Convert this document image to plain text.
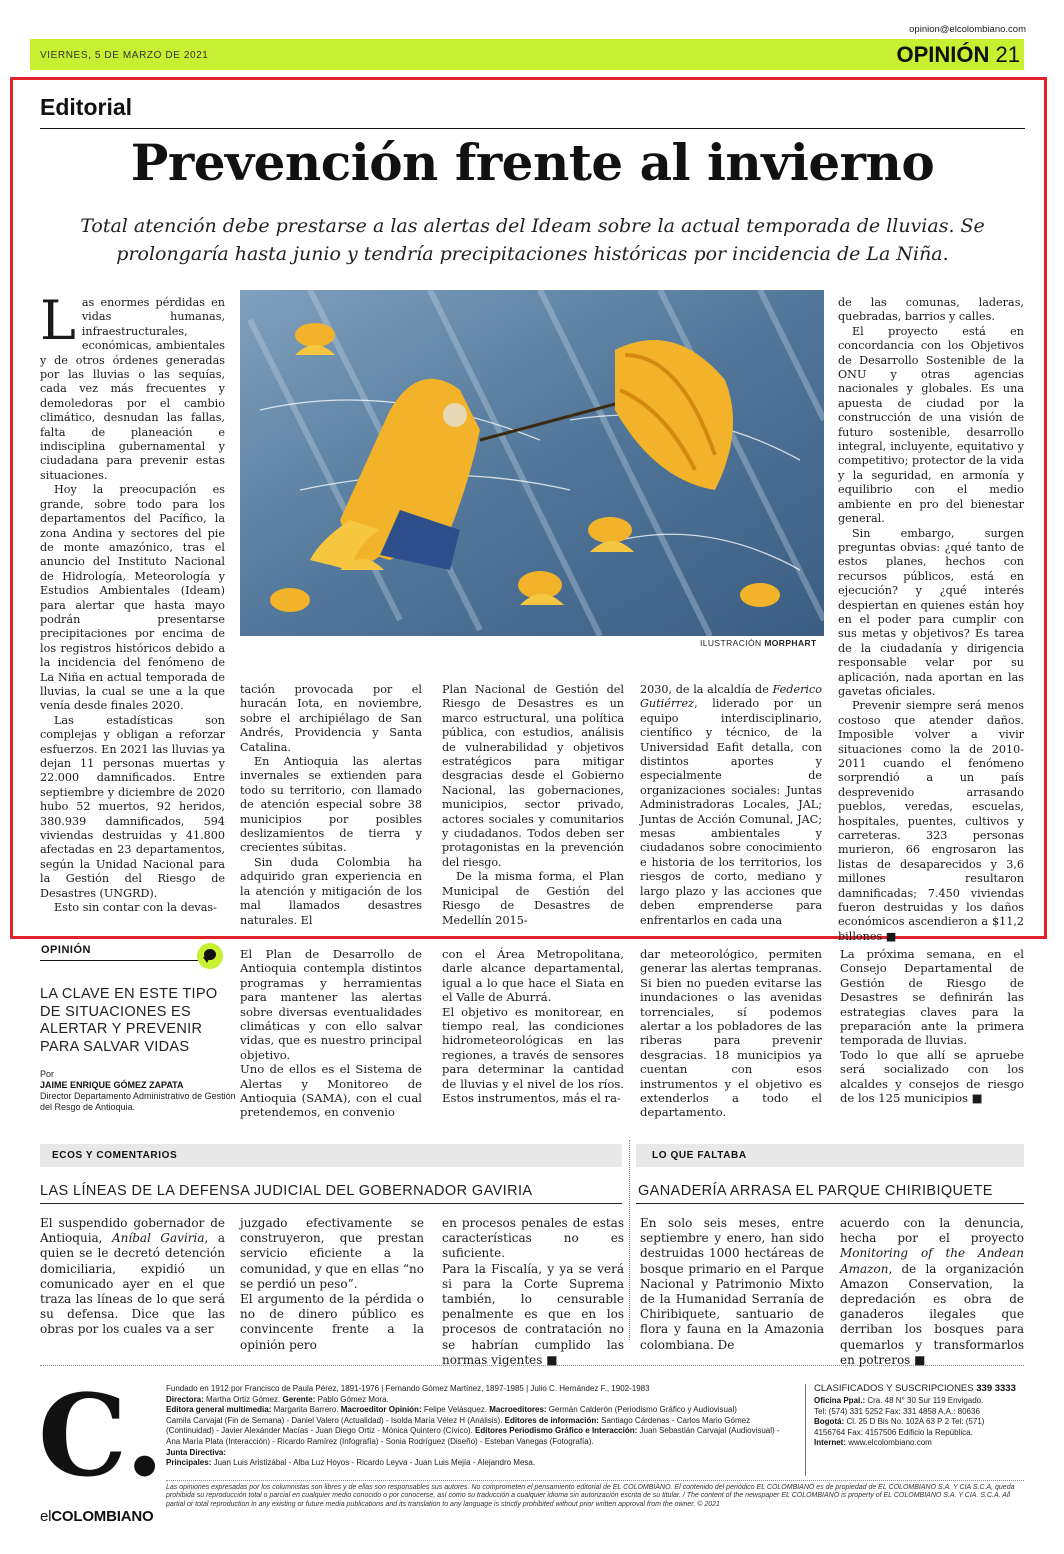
opinion@elcolombiano.com
VIERNES, 5 DE MARZO DE 2021	OPINIÓN 21
Editorial
Prevención frente al invierno
Total atención debe prestarse a las alertas del Ideam sobre la actual temporada de lluvias. Se prolongaría hasta junio y tendría precipitaciones históricas por incidencia de La Niña.
ILUSTRACIÓN MORPHART

Las enormes pérdidas en vidas humanas, infraestructurales, económicas, ambientales y de otros órdenes generadas por las lluvias o las sequías, cada vez más frecuentes y demoledoras por el cambio climático, desnudan las fallas, falta de planeación e indisciplina gubernamental y ciudadana para prevenir estas situaciones.

Hoy la preocupación es grande, sobre todo para los departamentos del Pacífico, la zona Andina y sectores del pie de monte amazónico, tras el anuncio del Instituto Nacional de Hidrología, Meteorología y Estudios Ambientales (Ideam) para alertar que hasta mayo podrán presentarse precipitaciones por encima de los registros históricos debido a la incidencia del fenómeno de La Niña en actual temporada de lluvias, la cual se une a la que venía desde finales 2020.

Las estadísticas son complejas y obligan a reforzar esfuerzos. En 2021 las lluvias ya dejan 11 personas muertas y 22.000 damnificados. Entre septiembre y diciembre de 2020 hubo 52 muertos, 92 heridos, 380.939 damnificados, 594 viviendas destruidas y 41.800 afectadas en 23 departamentos, según la Unidad Nacional para la Gestión del Riesgo de Desastres (UNGRD).

Esto sin contar con la devas-

tación provocada por el huracán Iota, en noviembre, sobre el archipiélago de San Andrés, Providencia y Santa Catalina.

En Antioquia las alertas invernales se extienden para todo su territorio, con llamado de atención especial sobre 38 municipios por posibles deslizamientos de tierra y crecientes súbitas.

Sin duda Colombia ha adquirido gran experiencia en la atención y mitigación de los mal llamados desastres naturales. El

Plan Nacional de Gestión del Riesgo de Desastres es un marco estructural, una política pública, con estudios, análisis de vulnerabilidad y objetivos estratégicos para mitigar desgracias desde el Gobierno Nacional, las gobernaciones, municipios, sector privado, actores sociales y comunitarios y ciudadanos. Todos deben ser protagonistas en la prevención del riesgo.

De la misma forma, el Plan Municipal de Gestión del Riesgo de Desastres de Medellín 2015-

2030, de la alcaldía de Federico Gutiérrez, liderado por un equipo interdisciplinario, científico y técnico, de la Universidad Eafit detalla, con distintos aportes y especialmente de organizaciones sociales: Juntas Administradoras Locales, JAL; Juntas de Acción Comunal, JAC; mesas ambientales y ciudadanos sobre conocimiento e historia de los territorios, los riesgos de corto, mediano y largo plazo y las acciones que deben emprenderse para enfrentarlos en cada una

de las comunas, laderas, quebradas, barrios y calles.

El proyecto está en concordancia con los Objetivos de Desarrollo Sostenible de la ONU y otras agencias nacionales y globales. Es una apuesta de ciudad por la construcción de una visión de futuro sostenible, desarrollo integral, incluyente, equitativo y competitivo; protector de la vida y la seguridad, en armonía y equilibrio con el medio ambiente en pro del bienestar general.

Sin embargo, surgen preguntas obvias: ¿qué tanto de estos planes, hechos con recursos públicos, está en ejecución? y ¿qué interés despiertan en quienes están hoy en el poder para cumplir con sus metas y objetivos? Es tarea de la ciudadanía y dirigencia responsable velar por su aplicación, nada aportan en las gavetas oficiales.

Prevenir siempre será menos costoso que atender daños. Imposible volver a vivir situaciones como la de 2010-2011 cuando el fenómeno sorprendió a un país desprevenido arrasando pueblos, veredas, escuelas, hospitales, puentes, cultivos y carreteras. 323 personas murieron, 66 engrosaron las listas de desaparecidos y 3,6 millones resultaron damnificadas; 7.450 viviendas fueron destruidas y los daños económicos ascendieron a $11,2 billones ■

OPINIÓN
LA CLAVE EN ESTE TIPO DE SITUACIONES ES ALERTAR Y PREVENIR PARA SALVAR VIDAS
Por
JAIME ENRIQUE GÓMEZ ZAPATA
Director Departamento Administrativo de Gestión del Resgo de Antioquia.

El Plan de Desarrollo de Antioquia contempla distintos programas y herramientas para mantener las alertas sobre diversas eventualidades climáticas y con ello salvar vidas, que es nuestro principal objetivo.

Uno de ellos es el Sistema de Alertas y Monitoreo de Antioquia (SAMA), con el cual pretendemos, en convenio

con el Área Metropolitana, darle alcance departamental, igual a lo que hace el Siata en el Valle de Aburrá.

El objetivo es monitorear, en tiempo real, las condiciones hidrometeorológicas en las regiones, a través de sensores para determinar la cantidad de lluvias y el nivel de los ríos. Estos instrumentos, más el ra-

dar meteorológico, permiten generar las alertas tempranas. Si bien no pueden evitarse las inundaciones o las avenidas torrenciales, sí podemos alertar a los pobladores de las riberas para prevenir desgracias. 18 municipios ya cuentan con esos instrumentos y el objetivo es extenderlos a todo el departamento.

La próxima semana, en el Consejo Departamental de Gestión de Riesgo de Desastres se definirán las estrategias claves para la preparación ante la primera temporada de lluvias.

Todo lo que allí se apruebe será socializado con los alcaldes y consejos de riesgo de los 125 municipios ■

ECOS Y COMENTARIOS
LAS LÍNEAS DE LA DEFENSA JUDICIAL DEL GOBERNADOR GAVIRIA

El suspendido gobernador de Antioquia, Aníbal Gaviria, a quien se le decretó detención domiciliaria, expidió un comunicado ayer en el que traza las líneas de lo que será su defensa. Dice que las obras por los cuales va a ser

juzgado efectivamente se construyeron, que prestan servicio eficiente a la comunidad, y que en ellas “no se perdió un peso”.

El argumento de la pérdida o no de dinero público es convincente frente a la opinión pero

en procesos penales de estas características no es suficiente.

Para la Fiscalía, y ya se verá si para la Corte Suprema también, lo censurable penalmente es que en los procesos de contratación no se habrían cumplido las normas vigentes ■

LO QUE FALTABA
GANADERÍA ARRASA EL PARQUE CHIRIBIQUETE

En solo seis meses, entre septiembre y enero, han sido destruidas 1000 hectáreas de bosque primario en el Parque Nacional y Patrimonio Mixto de la Humanidad Serranía de Chiribiquete, santuario de flora y fauna en la Amazonia colombiana. De

acuerdo con la denuncia, hecha por el proyecto Monitoring of the Andean Amazon, de la organización Amazon Conservation, la depredación es obra de ganaderos ilegales que derriban los bosques para quemarlos y transformarlos en potreros ■

C.
elCOLOMBIANO
Fundado en 1912 por Francisco de Paula Pérez, 1891-1976 | Fernando Gómez Martínez, 1897-1985 | Julio C. Hernández F., 1902-1983
Directora: Martha Ortiz Gómez. Gerente: Pablo Gómez Mora.
Editora general multimedia: Margarita Barrero. Macroeditor Opinión: Felipe Velásquez. Macroeditores: Germán Calderón (Periodismo Gráfico y Audiovisual)
Camila Carvajal (Fin de Semana) - Daniel Valero (Actualidad) - Isolda María Vélez H (Análisis). Editores de información: Santiago Cárdenas - Carlos Mario Gómez
(Continuidad) - Javier Alexánder Macías - Juan Diego Ortiz - Mónica Quintero (Cívico). Editores Periodismo Gráfico e Interacción: Juan Sebastián Carvajal (Audiovisual) -
Ana María Plata (Interacción) - Ricardo Ramírez (Infografía) - Sonia Rodríguez (Diseño) - Esteban Vanegas (Fotografía).
Junta Directiva:
Principales: Juan Luis Aristizábal - Alba Luz Hoyos - Ricardo Leyva - Juan Luis Mejía - Alejandro Mesa.
CLASIFICADOS Y SUSCRIPCIONES 339 3333
Oficina Ppal.: Cra. 48 N° 30 Sur 119 Envigado.
Tel: (574) 331 5252 Fax: 331 4858 A.A.: 80636
Bogotá: Cl. 25 D Bis No. 102A 63 P 2 Tel: (571)
4156764 Fax: 4157506 Edificio la República.
Internet: www.elcolombiano.com
Las opiniones expresadas por los columnistas son libres y de ellas son responsables sus autores. No comprometen el pensamiento editorial de EL COLOMBIANO. El contenido del periódico EL COLOMBIANO es de propiedad de EL COLOMBIANO S.A. Y CIA S.C.A, queda prohibida su reproducción total o parcial en cualquier medio conocido o por conocerse, así como su traducción a cualquier idioma sin autorización escrita de su titular. / The content of the newspaper EL COLOMBIANO is property of EL COLOMBIANO S.A. Y CIA. S.C.A. All partial or total reproduction in any existing or future media publications and its translation to any language is strictly prohibited without prior written approval from the owner. © 2021
